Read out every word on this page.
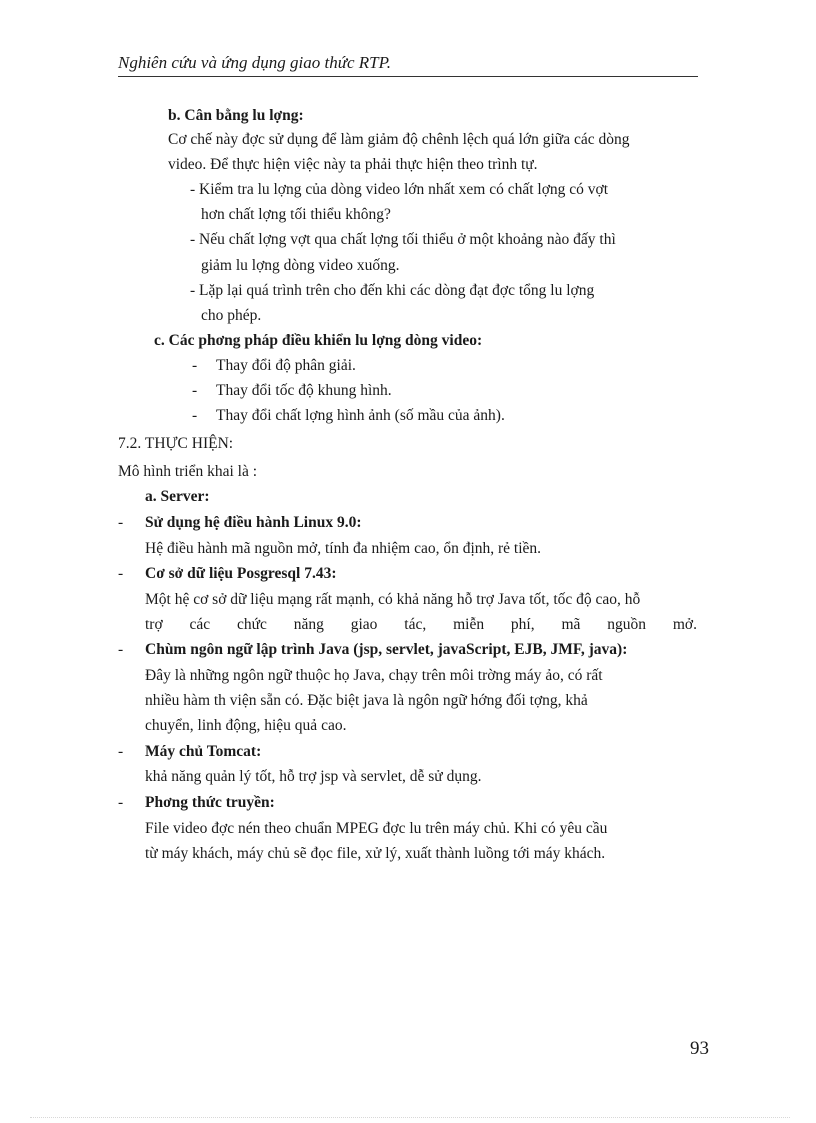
Nghiên cứu và ứng dụng giao thức RTP.
b. Cân bằng lu lợng:
Cơ chế này đợc sử dụng để làm giảm độ chênh lệch quá lớn giữa các dòng
video. Để thực hiện việc này ta phải thực hiện theo trình tự.
- Kiểm tra lu lợng của dòng video lớn nhất xem có chất lợng có vợt
hơn chất lợng tối thiểu không?
- Nếu chất lợng vợt qua chất lợng tối thiểu ở một khoảng nào đấy thì
giảm lu lợng dòng video xuống.
- Lặp lại quá trình trên cho đến khi các dòng đạt đợc tổng lu lợng
cho phép.
c. Các phơng pháp điều khiển lu lợng dòng video:
- Thay đổi độ phân giải.
- Thay đổi tốc độ khung hình.
- Thay đổi chất lợng hình ảnh (số mầu của ảnh).
7.2. THỰC HIỆN:
Mô hình triển khai là :
a. Server:
- Sử dụng hệ điều hành Linux 9.0:
Hệ điều hành mã nguồn mở, tính đa nhiệm cao, ổn định, rẻ tiền.
- Cơ sở dữ liệu Posgresql 7.43:
Một hệ cơ sở dữ liệu mạng rất mạnh, có khả năng hỗ trợ Java tốt, tốc độ cao, hỗ
trợ các chức năng giao tác, miễn phí, mã nguồn mở.
- Chùm ngôn ngữ lập trình Java (jsp, servlet, javaScript, EJB, JMF, java):
Đây là những ngôn ngữ thuộc họ Java, chạy trên môi trờng máy ảo, có rất
nhiều hàm th viện sẵn có. Đặc biệt java là ngôn ngữ hớng đối tợng, khả
chuyển, linh động, hiệu quả cao.
- Máy chủ Tomcat:
khả năng quản lý tốt, hỗ trợ jsp và servlet, dễ sử dụng.
- Phơng thức truyền:
File video đợc nén theo chuẩn MPEG đợc lu trên máy chủ. Khi có yêu cầu
từ máy khách, máy chủ sẽ đọc file, xử lý, xuất thành luồng tới máy khách.
93
